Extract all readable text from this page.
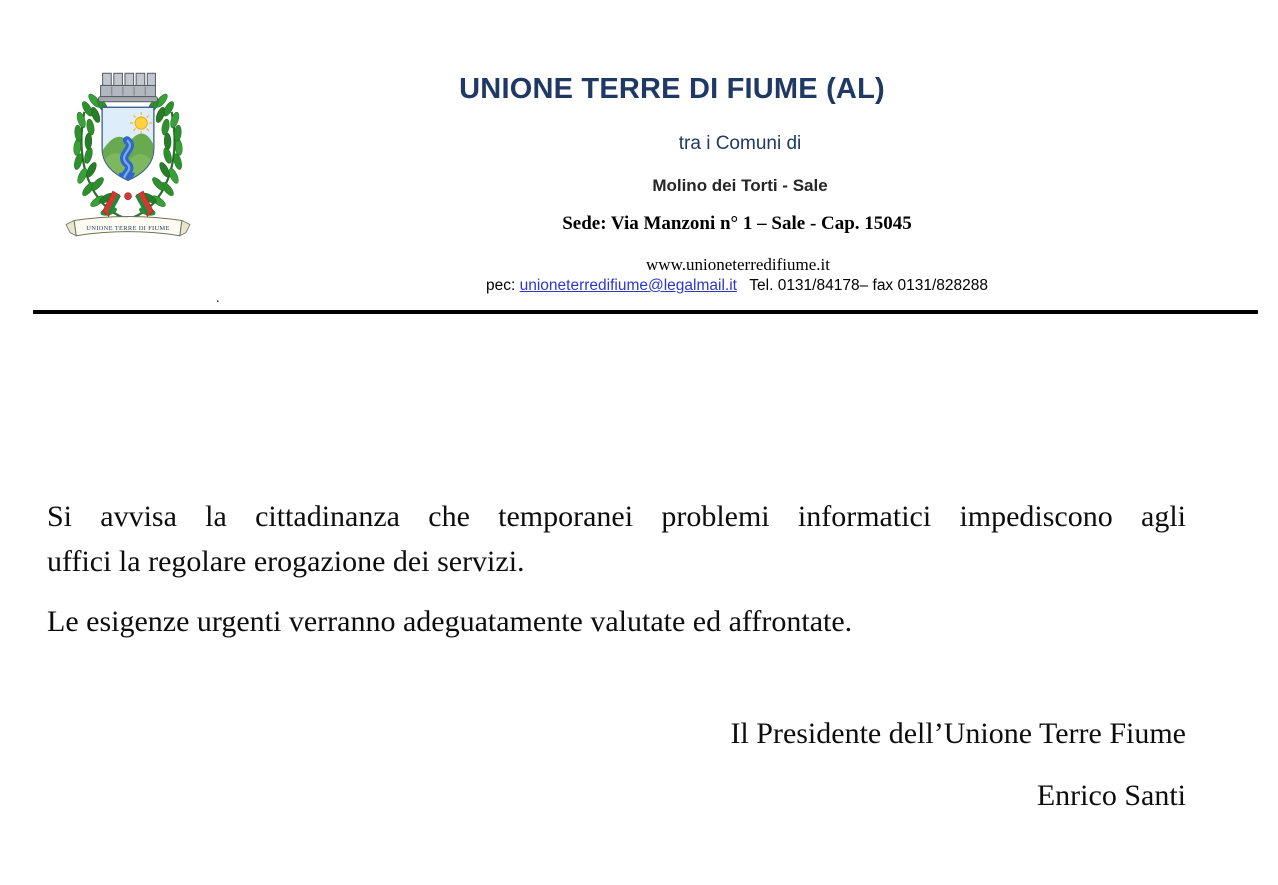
UNIONE TERRE DI FIUME
UNIONE TERRE DI FIUME (AL)
tra i Comuni di
Molino dei Torti - Sale
Sede: Via Manzoni n° 1 – Sale - Cap. 15045
www.unioneterredifiume.it
pec: unioneterredifiume@legalmail.it Tel. 0131/84178– fax 0131/828288
.
Si avvisa la cittadinanza che temporanei problemi informatici impediscono agli
uffici la regolare erogazione dei servizi.
Le esigenze urgenti verranno adeguatamente valutate ed affrontate.
Il Presidente dell’Unione Terre Fiume
Enrico Santi
